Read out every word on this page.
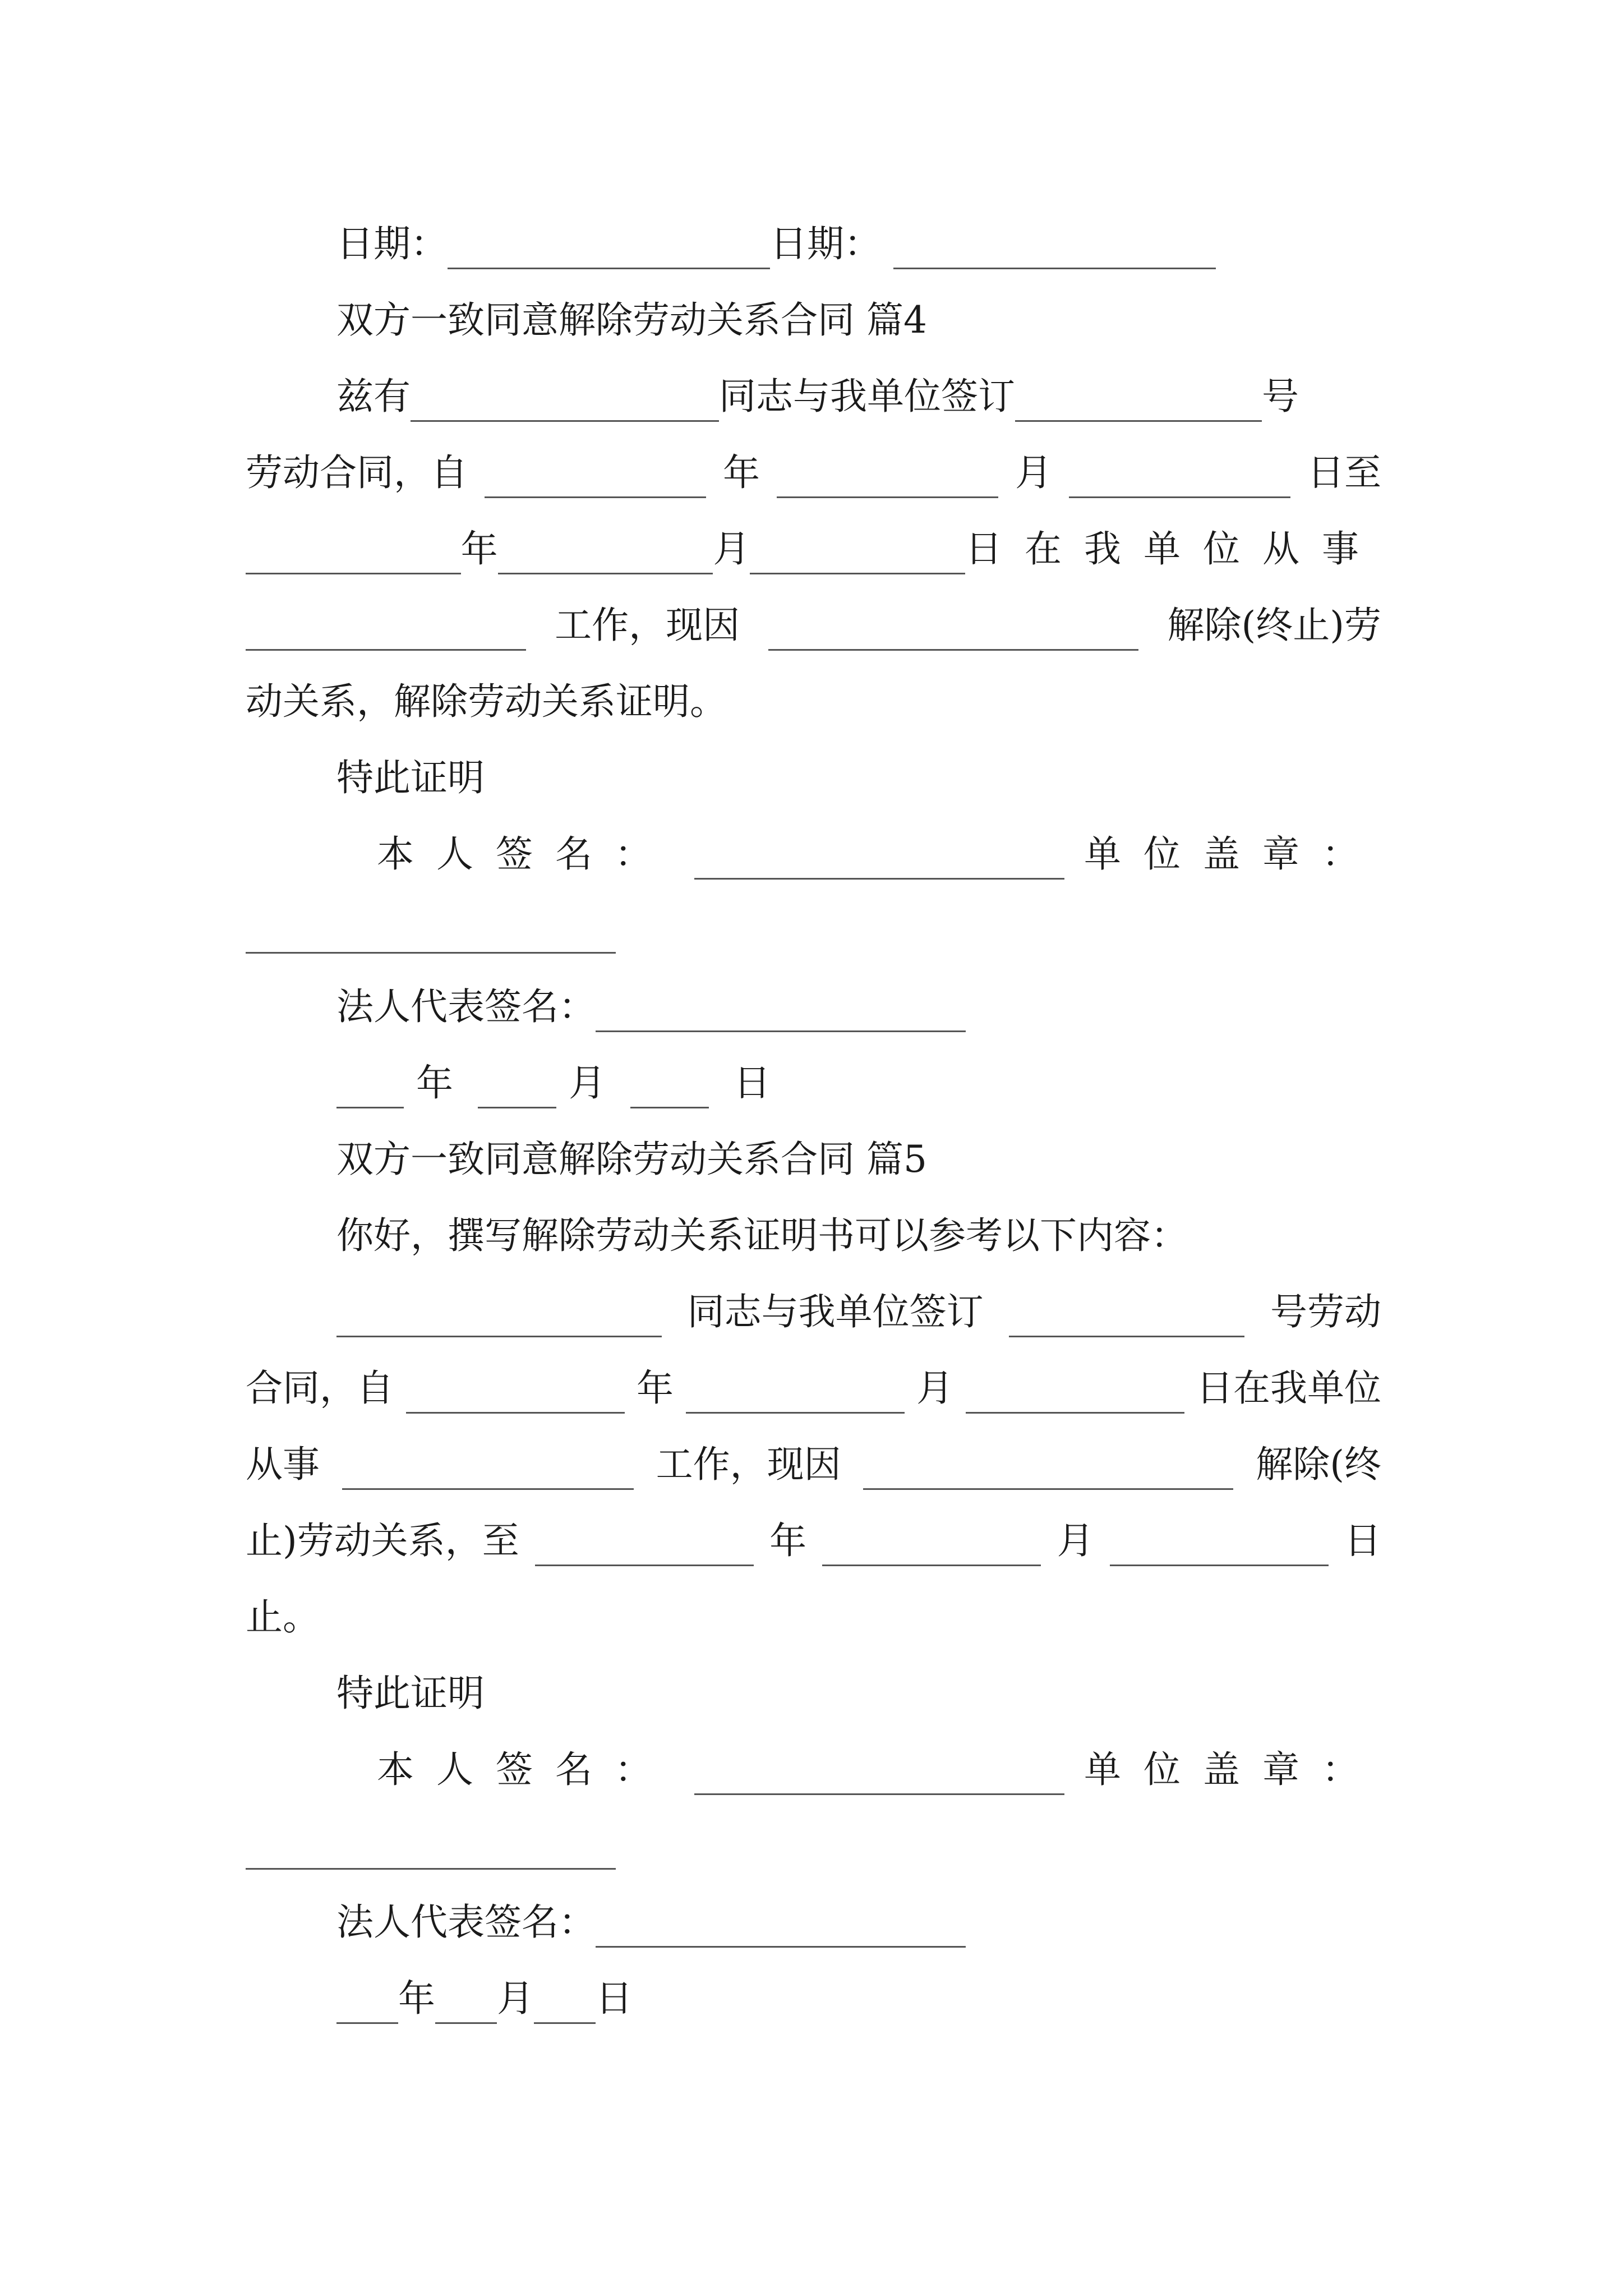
日期：	日期：
双方一致同意解除劳动关系合同 篇4
兹有	同志与我单位签订	号
劳动合同，自	年	月	日至
年	月	日在我单位从事
工作，现因	解除(终止)劳
动关系，解除劳动关系证明。
特此证明
本人签名：	单位盖章：
法人代表签名：
年	月	日
双方一致同意解除劳动关系合同 篇5
你好，撰写解除劳动关系证明书可以参考以下内容：
同志与我单位签订	号劳动
合同，自	年	月	日在我单位
从事	工作，现因	解除(终
止)劳动关系，至	年	月	日
止。
特此证明
本人签名：	单位盖章：
法人代表签名：
年 月 日
